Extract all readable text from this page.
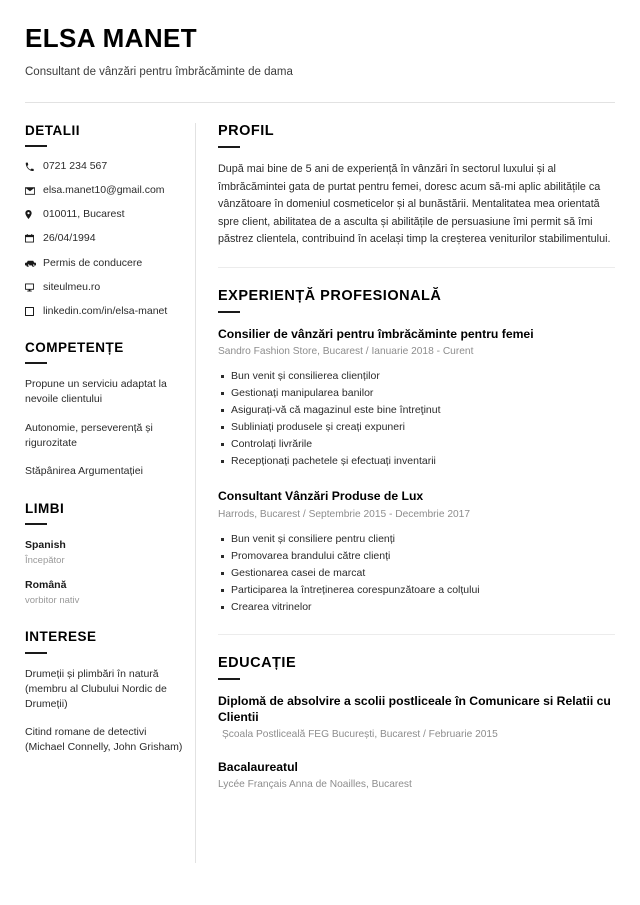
ELSA MANET
Consultant de vânzări pentru îmbrăcăminte de dama
DETALII
0721 234 567
elsa.manet10@gmail.com
010011, Bucarest
26/04/1994
Permis de conducere
siteulmeu.ro
linkedin.com/in/elsa-manet
COMPETENȚE
Propune un serviciu adaptat la nevoile clientului
Autonomie, perseverență și rigurozitate
Stăpânirea Argumentației
LIMBI
Spanish
Începător
Română
vorbitor nativ
INTERESE
Drumeții și plimbări în natură (membru al Clubului Nordic de Drumeții)
Citind romane de detectivi (Michael Connelly, John Grisham)
PROFIL
După mai bine de 5 ani de experiență în vânzări în sectorul luxului și al îmbrăcămintei gata de purtat pentru femei, doresc acum să-mi aplic abilitățile ca vânzătoare în domeniul cosmeticelor și al bunăstării. Mentalitatea mea orientată spre client, abilitatea de a asculta și abilitățile de persuasiune îmi permit să îmi păstrez clientela, contribuind în același timp la creșterea veniturilor stabilimentului.
EXPERIENȚĂ PROFESIONALĂ
Consilier de vânzări pentru îmbrăcăminte pentru femei
Sandro Fashion Store, Bucarest / Ianuarie 2018 - Curent
Bun venit și consilierea clienților
Gestionați manipularea banilor
Asigurați-vă că magazinul este bine întreţinut
Subliniați produsele și creați expuneri
Controlați livrările
Recepționați pachetele și efectuați inventarii
Consultant Vânzări Produse de Lux
Harrods, Bucarest / Septembrie 2015 - Decembrie 2017
Bun venit și consiliere pentru clienți
Promovarea brandului către clienți
Gestionarea casei de marcat
Participarea la întreținerea corespunzătoare a colțului
Crearea vitrinelor
EDUCAȚIE
Diplomă de absolvire a scolii postliceale în Comunicare si Relatii cu Clientii
Școala Postliceală FEG București, Bucarest / Februarie 2015
Bacalaureatul
Lycée Français Anna de Noailles, Bucarest
